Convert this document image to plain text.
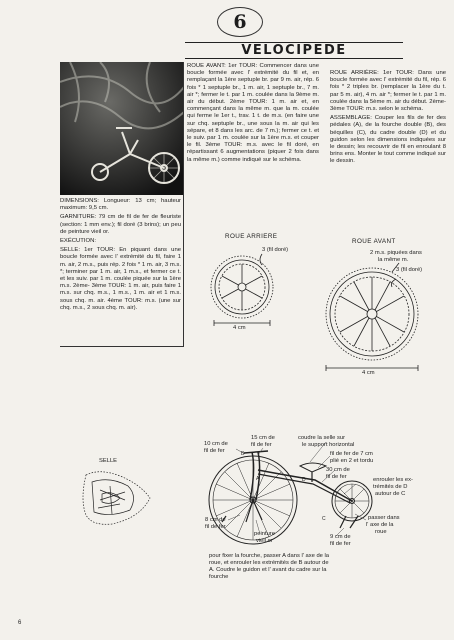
6
VELOCIPEDE

DIMENSIONS: Longueur: 13 cm; hauteur maximum: 9,5 cm.

GARNITURE: 79 cm de fil de fer de fleuriste (section: 1 mm env.); fil doré (3 brins); un peu de peinture vieil or.

EXÉCUTION:

SELLE: 1er TOUR: En piquant dans une boucle formée avec l' extrémité du fil, faire 1 m. air, 2 m.s., puis rép. 2 fois * 1 m. air, 3 m.s. *; terminer par 1 m. air, 1 m.s., et fermer ce t. et les suiv. par 1 m. coulée piquée sur la 1ère m.s. 2ème- 3ème TOUR: 1 m. air, puis faire 1 m.s. sur chq. m.s., 1 m.s., 1 m. air et 1 m.s. sous chq. m. air. 4ème TOUR: m.s. (une sur chq. m.s., 2 sous chq. m. air).

ROUE AVANT: 1er TOUR: Commencer dans une boucle formée avec l' extrémité du fil et, en remplaçant la 1ère septuple br. par 9 m. air, rép. 6 fois * 1 septuple br., 1 m. air, 1 septuple br., 7 m. air *; fermer le t. par 1 m. coulée dans la 9ème m. air du début. 2ème TOUR: 1 m. air et, en commençant dans la même m. que la m. coulée qui ferme le 1er t., trav. 1 t. de m.s. (en faire une sur chq. septuple br., une sous la m. air qui les sépare, et 8 dans les arc. de 7 m.); fermer ce t. et le suiv. par 1 m. coulée sur la 1ère m.s. et couper le fil. 3ème TOUR: m.s. avec le fil doré, en répartissant 6 augmentations (piquer 2 fois dans la même m.) comme indiqué sur le schéma.

ROUE ARRIÈRE: 1er TOUR: Dans une boucle formée avec l' extrémité du fil, rép. 6 fois * 2 triples br. (remplacer la 1ère du t. par 5 m. air), 4 m. air *; fermer le t. par 1 m. coulée dans la 5ème m. air du début. 2ème- 3ème TOUR: m.s. selon le schéma.

ASSEMBLAGE: Couper les fils de fer des pédales (A), de la fourche double (B), des béquilles (C), du cadre double (D) et du guidon selon les dimensions indiquées sur le dessin; les recouvrir de fil en enroulant 8 brins ens. Monter le tout comme indiqué sur le dessin.

ROUE ARRIERE
3 (fil doré)
4 cm
ROUE AVANT
2 m.s. piquées dans
la même m.
3 (fil doré)
4 cm
SELLE
15 cm de
fil de fer
10 cm de
fil de fer
coudre la selle sur
le support horizontal
fil de fer de 7 cm
plié en 2 et tordu
30 cm de
fil de fer	enrouler les ex-
trémités de D
autour de C
8 cm de
fil de fer
peinture
vieil or
passer dans
l' axe de la
roue
9 cm de
fil de fer
A
B
C
D
pour fixer la fourche, passer A dans l' axe de la roue, et enrouler les extrémités de B autour de A. Coudre le guidon et l' avant du cadre sur la fourche
6
